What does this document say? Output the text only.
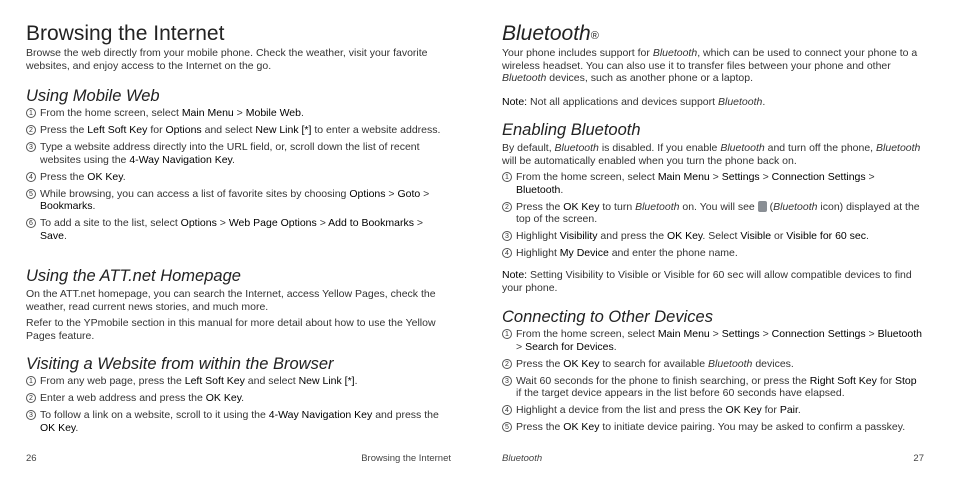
Browsing the Internet

Browse the web directly from your mobile phone. Check the weather, visit your favorite websites, and enjoy access to the Internet on the go.

Using Mobile Web
1 From the home screen, select Main Menu > Mobile Web.
2 Press the Left Soft Key for Options and select New Link [*] to enter a website address.
3 Type a website address directly into the URL field, or, scroll down the list of recent websites using the 4-Way Navigation Key.
4 Press the OK Key.
5 While browsing, you can access a list of favorite sites by choosing Options > Goto > Bookmarks.
6 To add a site to the list, select Options > Web Page Options > Add to Bookmarks > Save.
Using the ATT.net Homepage

On the ATT.net homepage, you can search the Internet, access Yellow Pages, check the weather, read current news stories, and much more.

Refer to the YPmobile section in this manual for more detail about how to use the Yellow Pages feature.

Visiting a Website from within the Browser
1 From any web page, press the Left Soft Key and select New Link [*].
2 Enter a web address and press the OK Key.
3 To follow a link on a website, scroll to it using the 4-Way Navigation Key and press the OK Key.
26	Browsing the Internet
Bluetooth®

Your phone includes support for Bluetooth, which can be used to connect your phone to a wireless headset. You can also use it to transfer files between your phone and other Bluetooth devices, such as another phone or a laptop.

Note: Not all applications and devices support Bluetooth.

Enabling Bluetooth

By default, Bluetooth is disabled. If you enable Bluetooth and turn off the phone, Bluetooth will be automatically enabled when you turn the phone back on.

1 From the home screen, select Main Menu > Settings > Connection Settings > Bluetooth.
2 Press the OK Key to turn Bluetooth on. You will see  (Bluetooth icon) displayed at the top of the screen.
3 Highlight Visibility and press the OK Key. Select Visible or Visible for 60 sec.
4 Highlight My Device and enter the phone name.

Note: Setting Visibility to Visible or Visible for 60 sec will allow compatible devices to find your phone.

Connecting to Other Devices
1 From the home screen, select Main Menu > Settings > Connection Settings > Bluetooth > Search for Devices.
2 Press the OK Key to search for available Bluetooth devices.
3 Wait 60 seconds for the phone to finish searching, or press the Right Soft Key for Stop if the target device appears in the list before 60 seconds have elapsed.
4 Highlight a device from the list and press the OK Key for Pair.
5 Press the OK Key to initiate device pairing. You may be asked to confirm a passkey.
Bluetooth	27
